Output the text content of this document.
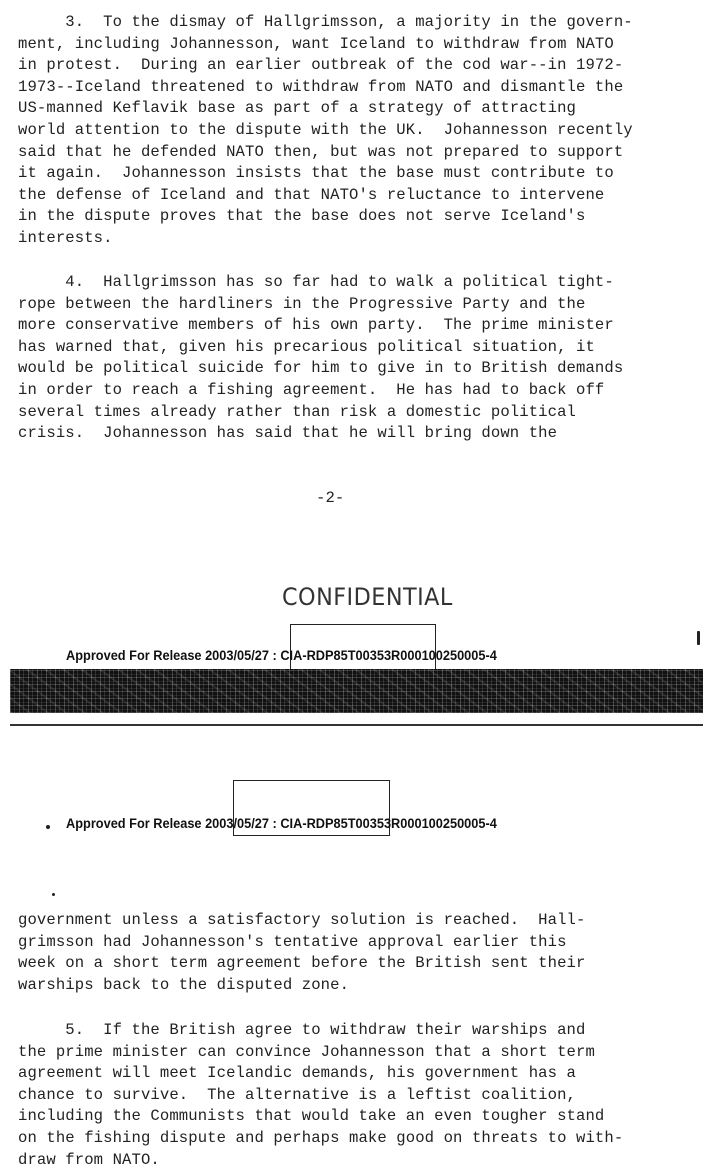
3.  To the dismay of Hallgrimsson, a majority in the govern-
ment, including Johannesson, want Iceland to withdraw from NATO
in protest.  During an earlier outbreak of the cod war--in 1972-
1973--Iceland threatened to withdraw from NATO and dismantle the
US-manned Keflavik base as part of a strategy of attracting
world attention to the dispute with the UK.  Johannesson recently
said that he defended NATO then, but was not prepared to support
it again.  Johannesson insists that the base must contribute to
the defense of Iceland and that NATO's reluctance to intervene
in the dispute proves that the base does not serve Iceland's
interests.
4.  Hallgrimsson has so far had to walk a political tight-
rope between the hardliners in the Progressive Party and the
more conservative members of his own party.  The prime minister
has warned that, given his precarious political situation, it
would be political suicide for him to give in to British demands
in order to reach a fishing agreement.  He has had to back off
several times already rather than risk a domestic political
crisis.  Johannesson has said that he will bring down the
-2-
CONFIDENTIAL
Approved For Release 2003/05/27 : CIA-RDP85T00353R000100250005-4
Approved For Release 2003/05/27 : CIA-RDP85T00353R000100250005-4
government unless a satisfactory solution is reached.  Hall-
grimsson had Johannesson's tentative approval earlier this
week on a short term agreement before the British sent their
warships back to the disputed zone.
5.  If the British agree to withdraw their warships and
the prime minister can convince Johannesson that a short term
agreement will meet Icelandic demands, his government has a
chance to survive.  The alternative is a leftist coalition,
including the Communists that would take an even tougher stand
on the fishing dispute and perhaps make good on threats to with-
draw from NATO.
